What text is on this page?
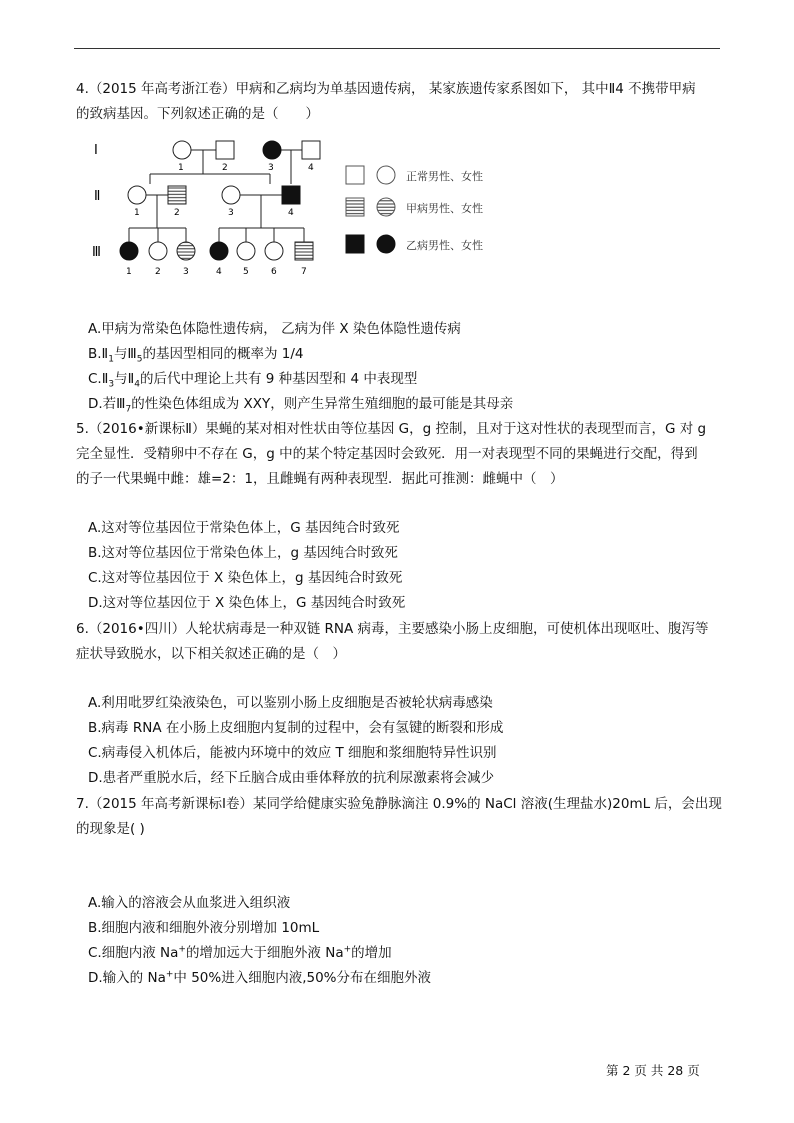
4.（2015 年高考浙江卷）甲病和乙病均为单基因遗传病， 某家族遗传家系图如下， 其中Ⅱ4 不携带甲病
的致病基因。下列叙述正确的是（　　）
Ⅰ
Ⅱ
Ⅲ
1	2	3	4
1	2	3	4
1	2 3	4 5 6	7
正常男性、女性
甲病男性、女性
乙病男性、女性
A.甲病为常染色体隐性遗传病， 乙病为伴 X 染色体隐性遗传病
$B.Ⅱ_1$与$Ⅲ_5$的基因型相同的概率为 1/4
$C.Ⅱ_3$与$Ⅱ_4$的后代中理论上共有 9 种基因型和 4 中表现型
D.若$Ⅲ_7$的性染色体组成为 XXY，则产生异常生殖细胞的最可能是其母亲
5.（2016•新课标Ⅱ）果蝇的某对相对性状由等位基因 G，g 控制，且对于这对性状的表现型而言，G 对 g
完全显性．受精卵中不存在 G，g 中的某个特定基因时会致死．用一对表现型不同的果蝇进行交配，得到
的子一代果蝇中雌：雄=2：1，且雌蝇有两种表现型．据此可推测：雌蝇中（　）
A.这对等位基因位于常染色体上，G 基因纯合时致死
B.这对等位基因位于常染色体上，g 基因纯合时致死
C.这对等位基因位于 X 染色体上，g 基因纯合时致死
D.这对等位基因位于 X 染色体上，G 基因纯合时致死
6.（2016•四川）人轮状病毒是一种双链 RNA 病毒，主要感染小肠上皮细胞，可使机体出现呕吐、腹泻等
症状导致脱水，以下相关叙述正确的是（　）
A.利用吡罗红染液染色，可以鉴别小肠上皮细胞是否被轮状病毒感染
B.病毒 RNA 在小肠上皮细胞内复制的过程中，会有氢键的断裂和形成
C.病毒侵入机体后，能被内环境中的效应 T 细胞和浆细胞特异性识别
D.患者严重脱水后，经下丘脑合成由垂体释放的抗利尿激素将会减少
7.（2015 年高考新课标Ⅰ卷）某同学给健康实验兔静脉滴注 0.9%的 NaCl 溶液(生理盐水)20mL 后，会出现
的现象是( )
A.输入的溶液会从血浆进入组织液
B.细胞内液和细胞外液分别增加 10mL
C.细胞内液 Na+的增加远大于细胞外液 Na+的增加
D.输入的 Na+中 50%进入细胞内液,50%分布在细胞外液
第 2 页 共 28 页
